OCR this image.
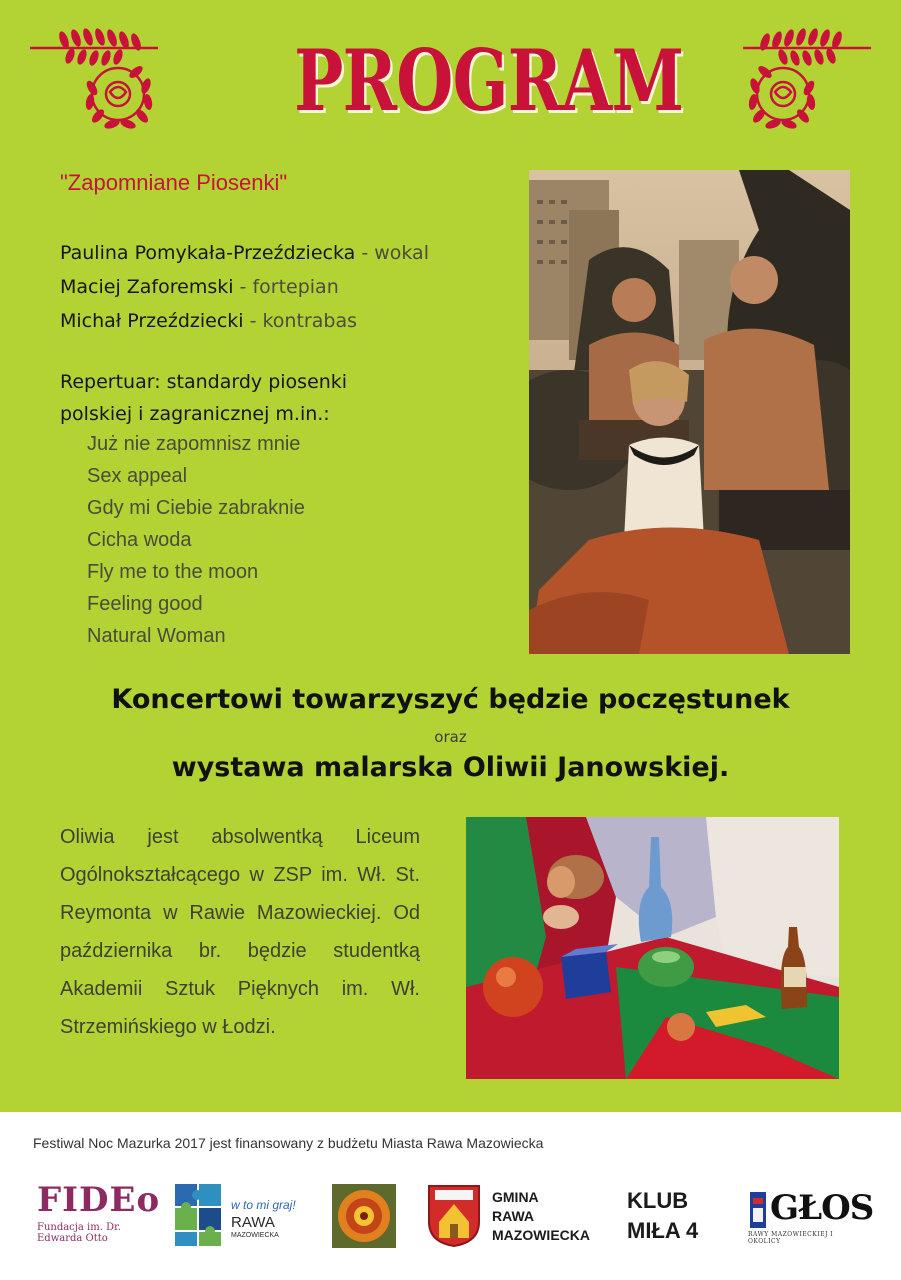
PROGRAM
"Zapomniane Piosenki"
Paulina Pomykała-Przeździecka - wokal
Maciej Zaforemski - fortepian
Michał Przeździecki - kontrabas
Repertuar: standardy piosenki
polskiej i zagranicznej m.in.:
Już nie zapomnisz mnie
Sex appeal
Gdy mi Ciebie zabraknie
Cicha woda
Fly me to the moon
Feeling good
Natural Woman
Koncertowi towarzyszyć będzie poczęstunek
oraz
wystawa malarska Oliwii Janowskiej.
Oliwia jest absolwentką Liceum Ogólnokształcącego w ZSP im. Wł. St. Reymonta w Rawie Mazowieckiej. Od października br. będzie studentką Akademii Sztuk Pięknych im. Wł. Strzemińskiego w Łodzi.
Festiwal Noc Mazurka 2017 jest finansowany z budżetu Miasta Rawa Mazowiecka
FIDEo
Fundacja im. Dr. Edwarda Otto
w to mi graj!
RAWA
MAZOWIECKA
GMINA
RAWA
MAZOWIECKA
KLUB
MIŁA 4
GŁOS
RAWY MAZOWIECKIEJ I OKOLICY
